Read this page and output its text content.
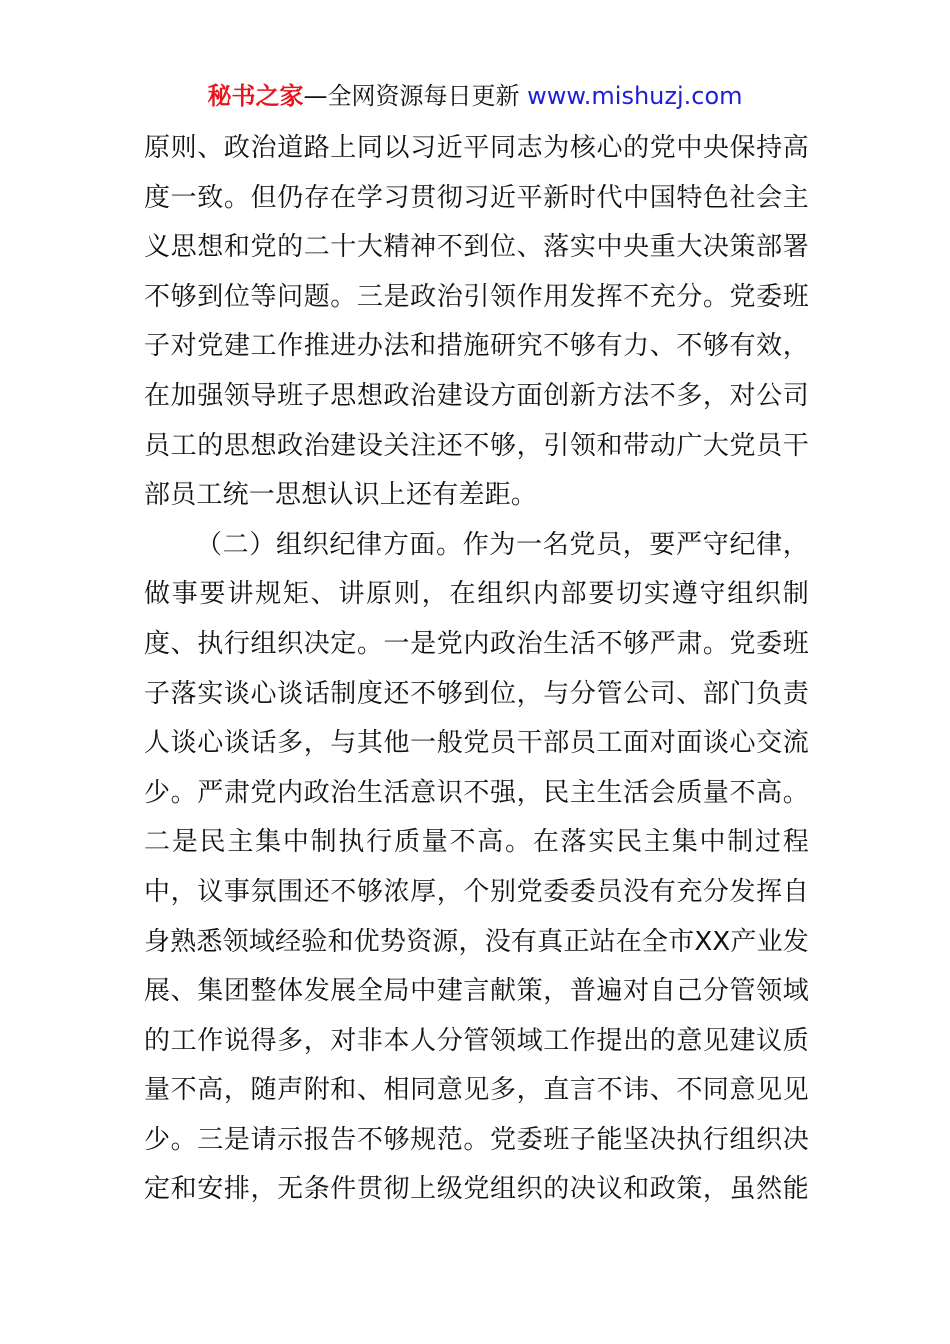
秘书之家—全网资源每日更新 www.mishuzj.com
原则、政治道路上同以习近平同志为核心的党中央保持高
度一致。但仍存在学习贯彻习近平新时代中国特色社会主
义思想和党的二十大精神不到位、落实中央重大决策部署
不够到位等问题。三是政治引领作用发挥不充分。党委班
子对党建工作推进办法和措施研究不够有力、不够有效，
在加强领导班子思想政治建设方面创新方法不多，对公司
员工的思想政治建设关注还不够，引领和带动广大党员干
部员工统一思想认识上还有差距。
（二）组织纪律方面。作为一名党员，要严守纪律，
做事要讲规矩、讲原则，在组织内部要切实遵守组织制
度、执行组织决定。一是党内政治生活不够严肃。党委班
子落实谈心谈话制度还不够到位，与分管公司、部门负责
人谈心谈话多，与其他一般党员干部员工面对面谈心交流
少。严肃党内政治生活意识不强，民主生活会质量不高。
二是民主集中制执行质量不高。在落实民主集中制过程
中，议事氛围还不够浓厚，个别党委委员没有充分发挥自
身熟悉领域经验和优势资源，没有真正站在全市XX产业发
展、集团整体发展全局中建言献策，普遍对自己分管领域
的工作说得多，对非本人分管领域工作提出的意见建议质
量不高，随声附和、相同意见多，直言不讳、不同意见见
少。三是请示报告不够规范。党委班子能坚决执行组织决
定和安排，无条件贯彻上级党组织的决议和政策，虽然能
